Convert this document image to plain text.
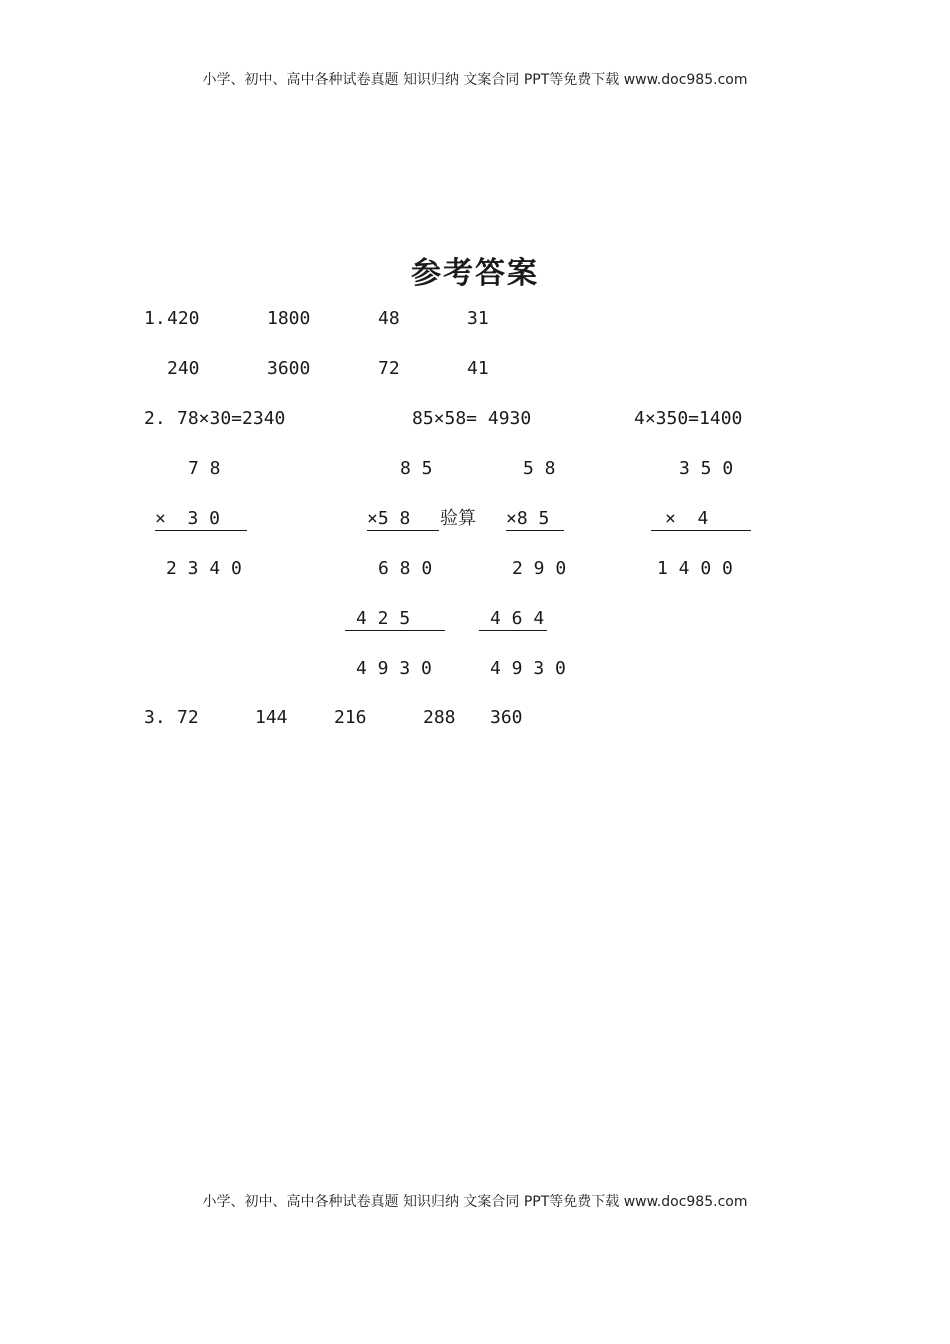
小学、初中、高中各种试卷真题 知识归纳 文案合同 PPT等免费下载 www.doc985.com
参考答案
1. 420	1800	48	31
240	3600	72	41
2. 78×30=2340	85×58= 4930	4×350=1400
7 8
×  3 0
2 3 4 0
8 5
×5 8	验算
6 8 0
4 2 5
4 9 3 0
5 8
×8 5
2 9 0
4 6 4
4 9 3 0
3 5 0
×  4
1 4 0 0
3. 72	144	216	288 360
小学、初中、高中各种试卷真题 知识归纳 文案合同 PPT等免费下载 www.doc985.com
